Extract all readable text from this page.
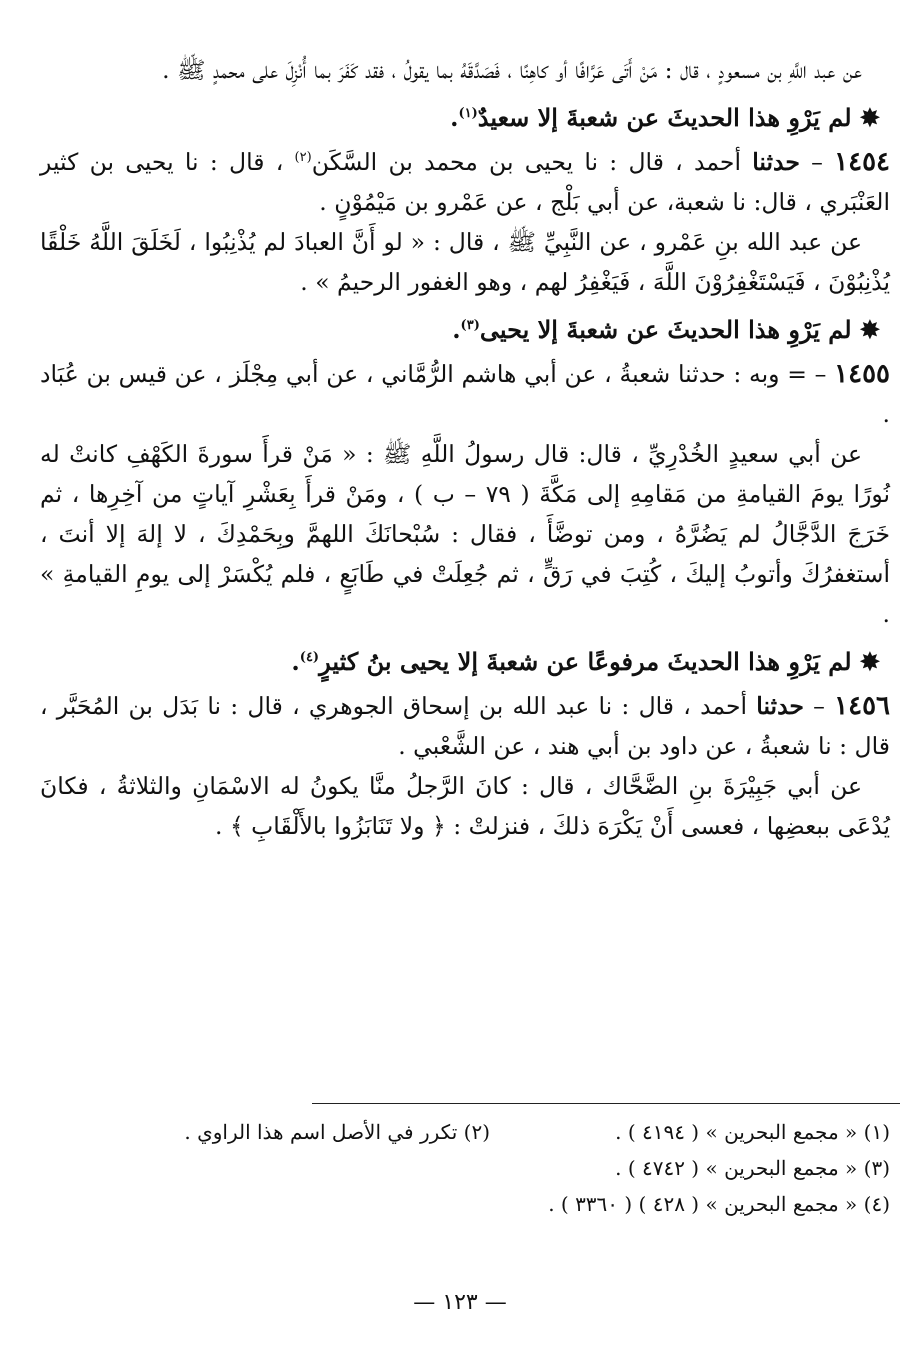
عن عبد اللَّهِ بن مسعودٍ ، قال : مَنْ أَتَى عَرَّافًا أو كاهِنًا ، فَصَدَّقَهُ بما يقولُ ، فقد كَفَرَ بما أُنْزِلَ على محمدٍ ﷺ .

✸ لم يَرْوِ هذا الحديثَ عن شعبةَ إلا سعيدٌ$^{(١)}$.

١٤٥٤ – حدثنا أحمد ، قال : نا يحيى بن محمد بن السَّكَن$^{(٢)}$ ، قال : نا يحيى بن كثير العَنْبَري ، قال: نا شعبة، عن أبي بَلْج ، عن عَمْرو بن مَيْمُوْنٍ .

عن عبد الله بنِ عَمْرو ، عن النَّبِيِّ ﷺ ، قال : « لو أَنَّ العبادَ لم يُذْنِبُوا ، لَخَلَقَ اللَّهُ خَلْقًا يُذْنِبُوْنَ ، فَيَسْتَغْفِرُوْنَ اللَّهَ ، فَيَغْفِرُ لهم ، وهو الغفور الرحيمُ » .

✸ لم يَرْوِ هذا الحديثَ عن شعبةَ إلا يحيى$^{(٣)}$.

١٤٥٥ – = وبه : حدثنا شعبةُ ، عن أبي هاشم الرُّمَّاني ، عن أبي مِجْلَز ، عن قيس بن عُبَاد .

عن أبي سعيدٍ الخُدْرِيِّ ، قال: قال رسولُ اللَّهِ ﷺ : « مَنْ قرأَ سورةَ الكَهْفِ كانتْ له نُورًا يومَ القيامةِ من مَقامِهِ إلى مَكَّةَ ( ٧٩ – ب ) ، ومَنْ قرأَ بِعَشْرِ آياتٍ من آخِرِها ، ثم خَرَجَ الدَّجَّالُ لم يَضُرَّهُ ، ومن توضَّأَ ، فقال : سُبْحانَكَ اللهمَّ وبِحَمْدِكَ ، لا إلهَ إلا أنتَ ، أستغفرُكَ وأتوبُ إليكَ ، كُتِبَ في رَقٍّ ، ثم جُعِلَتْ في طَابَعٍ ، فلم يُكْسَرْ إلى يومِ القيامةِ » .

✸ لم يَرْوِ هذا الحديثَ مرفوعًا عن شعبةَ إلا يحيى بنُ كثيرٍ$^{(٤)}$.

١٤٥٦ – حدثنا أحمد ، قال : نا عبد الله بن إسحاق الجوهري ، قال : نا بَدَل بن المُحَبَّر ، قال : نا شعبةُ ، عن داود بن أبي هند ، عن الشَّعْبي .

عن أبي جَبِيْرَةَ بنِ الضَّحَّاك ، قال : كانَ الرَّجلُ منَّا يكونُ له الاسْمَانِ والثلاثةُ ، فكانَ يُدْعَى ببعضِها ، فعسى أَنْ يَكْرَهَ ذلكَ ، فنزلتْ : ﴿ ولا تَنَابَزُوا بالأَلْقَابِ ﴾ .

(١) « مجمع البحرين » ( ٤١٩٤ ) .
(٢) تكرر في الأصل اسم هذا الراوي .
(٣) « مجمع البحرين » ( ٤٧٤٢ ) .
(٤) « مجمع البحرين » ( ٤٢٨ ) ( ٣٣٦٠ ) .
— ١٢٣ —
